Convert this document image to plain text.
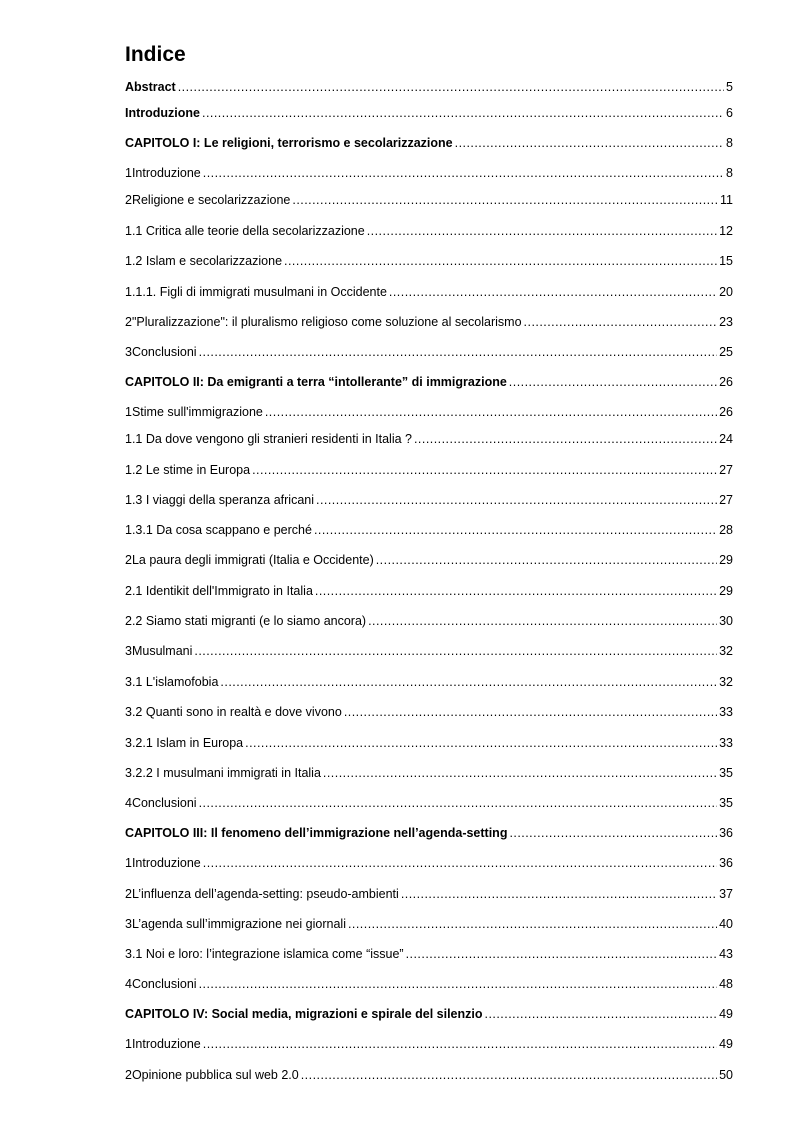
Indice
Abstract . . .	5
Introduzione . . .	6
CAPITOLO I: Le religioni, terrorismo e secolarizzazione . . .	8
1Introduzione . . .	8
2Religione e secolarizzazione . . .	11
1.1 Critica alle teorie della secolarizzazione . . .	12
1.2 Islam e secolarizzazione . . .	15
1.1.1. Figli di immigrati musulmani in Occidente . . .	20
2"Pluralizzazione": il pluralismo religioso come soluzione al secolarismo . . .	23
3Conclusioni . . .	25
CAPITOLO II: Da emigranti a terra “intollerante” di immigrazione . . .	26
1Stime sull'immigrazione . . .	26
1.1 Da dove vengono gli stranieri residenti in Italia ? . . .	24
1.2 Le stime in Europa . . .	27
1.3 I viaggi della speranza africani . . .	27
1.3.1 Da cosa scappano e perché . . .	28
2La paura degli immigrati (Italia e Occidente) . . .	29
2.1 Identikit dell'Immigrato in Italia . . .	29
2.2 Siamo stati migranti (e lo siamo ancora) . . .	30
3Musulmani . . .	32
3.1 L'islamofobia . . .	32
3.2 Quanti sono in realtà e dove vivono . . .	33
3.2.1 Islam in Europa . . .	33
3.2.2 I musulmani immigrati in Italia . . .	35
4Conclusioni . . .	35
CAPITOLO III: Il fenomeno dell’immigrazione nell’agenda-setting . . .	36
1Introduzione . . .	36
2L’influenza dell’agenda-setting: pseudo-ambienti . . .	37
3L’agenda sull’immigrazione nei giornali . . .	40
3.1 Noi e loro: l’integrazione islamica come “issue” . . .	43
4Conclusioni . . .	48
CAPITOLO IV: Social media, migrazioni e spirale del silenzio . . .	49
1Introduzione . . .	49
2Opinione pubblica sul web 2.0 . . .	50
